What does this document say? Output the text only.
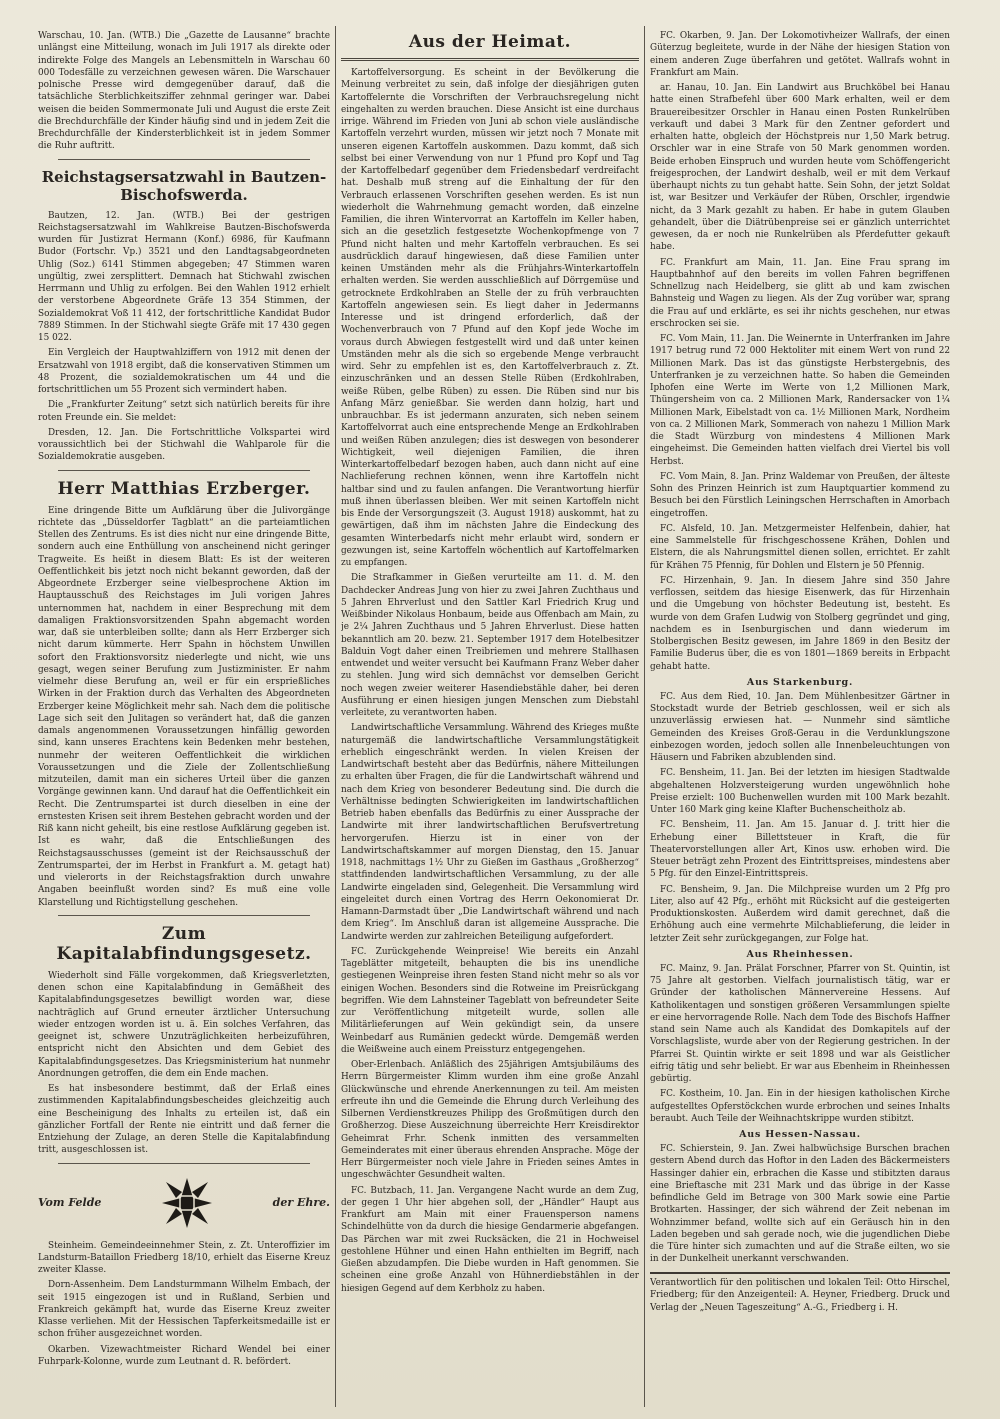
Warschau, 10. Jan. (WTB.) Die „Gazette de Lausanne“ brachte unlängst eine Mitteilung, wonach im Juli 1917 als direkte oder indirekte Folge des Mangels an Lebensmitteln in Warschau 60 000 Todesfälle zu verzeichnen gewesen wären. Die Warschauer polnische Presse wird demgegenüber darauf, daß die tatsächliche Sterblichkeitsziffer zehnmal geringer war. Dabei weisen die beiden Sommermonate Juli und August die erste Zeit die Brechdurchfälle der Kinder häufig sind und in jedem Zeit die Brechdurchfälle der Kindersterblichkeit ist in jedem Sommer die Ruhr auftritt.

Reichstagsersatzwahl in Bautzen-Bischofswerda.

Bautzen, 12. Jan. (WTB.) Bei der gestrigen Reichstagsersatzwahl im Wahlkreise Bautzen-Bischofswerda wurden für Justizrat Hermann (Konf.) 6986, für Kaufmann Budor (Fortschr. Vp.) 3521 und den Landtagsabgeordneten Uhlig (Soz.) 6141 Stimmen abgegeben; 47 Stimmen waren ungültig, zwei zersplittert. Demnach hat Stichwahl zwischen Herrmann und Uhlig zu erfolgen. Bei den Wahlen 1912 erhielt der verstorbene Abgeordnete Gräfe 13 354 Stimmen, der Sozialdemokrat Voß 11 412, der fortschrittliche Kandidat Budor 7889 Stimmen. In der Stichwahl siegte Gräfe mit 17 430 gegen 15 022.

Ein Vergleich der Hauptwahlziffern von 1912 mit denen der Ersatzwahl von 1918 ergibt, daß die konservativen Stimmen um 48 Prozent, die sozialdemokratischen um 44 und die fortschrittlichen um 55 Prozent sich vermindert haben.

Die „Frankfurter Zeitung“ setzt sich natürlich bereits für ihre roten Freunde ein. Sie meldet:

Dresden, 12. Jan. Die Fortschrittliche Volkspartei wird voraussichtlich bei der Stichwahl die Wahlparole für die Sozialdemokratie ausgeben.

Herr Matthias Erzberger.

Eine dringende Bitte um Aufklärung über die Julivorgänge richtete das „Düsseldorfer Tagblatt“ an die parteiamtlichen Stellen des Zentrums. Es ist dies nicht nur eine dringende Bitte, sondern auch eine Enthüllung von anscheinend nicht geringer Tragweite. Es heißt in diesem Blatt: Es ist der weiteren Oeffentlichkeit bis jetzt noch nicht bekannt geworden, daß der Abgeordnete Erzberger seine vielbesprochene Aktion im Hauptausschuß des Reichstages im Juli vorigen Jahres unternommen hat, nachdem in einer Besprechung mit dem damaligen Fraktionsvorsitzenden Spahn abgemacht worden war, daß sie unterbleiben sollte; dann als Herr Erzberger sich nicht darum kümmerte. Herr Spahn in höchstem Unwillen sofort den Fraktionsvorsitz niederlegte und nicht, wie uns gesagt, wegen seiner Berufung zum Justizminister. Er nahm vielmehr diese Berufung an, weil er für ein ersprießliches Wirken in der Fraktion durch das Verhalten des Abgeordneten Erzberger keine Möglichkeit mehr sah. Nach dem die politische Lage sich seit den Julitagen so verändert hat, daß die ganzen damals angenommenen Voraussetzungen hinfällig geworden sind, kann unseres Erachtens kein Bedenken mehr bestehen, nunmehr der weiteren Oeffentlichkeit die wirklichen Voraussetzungen und die Ziele der Zollentschließung mitzuteilen, damit man ein sicheres Urteil über die ganzen Vorgänge gewinnen kann. Und darauf hat die Oeffentlichkeit ein Recht. Die Zentrumspartei ist durch dieselben in eine der ernstesten Krisen seit ihrem Bestehen gebracht worden und der Riß kann nicht geheilt, bis eine restlose Aufklärung gegeben ist. Ist es wahr, daß die Entschließungen des Reichstagsausschusses (gemeint ist der Reichsausschuß der Zentrumspartei, der im Herbst in Frankfurt a. M. getagt hat) und vielerorts in der Reichstagsfraktion durch unwahre Angaben beeinflußt worden sind? Es muß eine volle Klarstellung und Richtigstellung geschehen.

Zum Kapitalabfindungsgesetz.

Wiederholt sind Fälle vorgekommen, daß Kriegsverletzten, denen schon eine Kapitalabfindung in Gemäßheit des Kapitalabfindungsgesetzes bewilligt worden war, diese nachträglich auf Grund erneuter ärztlicher Untersuchung wieder entzogen worden ist u. ä. Ein solches Verfahren, das geeignet ist, schwere Unzuträglichkeiten herbeizuführen, entspricht nicht den Absichten und dem Gebiet des Kapitalabfindungsgesetzes. Das Kriegsministerium hat nunmehr Anordnungen getroffen, die dem ein Ende machen.

Es hat insbesondere bestimmt, daß der Erlaß eines zustimmenden Kapitalabfindungsbescheides gleichzeitig auch eine Bescheinigung des Inhalts zu erteilen ist, daß ein gänzlicher Fortfall der Rente nie eintritt und daß ferner die Entziehung der Zulage, an deren Stelle die Kapitalabfindung tritt, ausgeschlossen ist.

Vom Felde	der Ehre.

Steinheim. Gemeindeeinnehmer Stein, z. Zt. Unteroffizier im Landsturm-Bataillon Friedberg 18/10, erhielt das Eiserne Kreuz zweiter Klasse.

Dorn-Assenheim. Dem Landsturmmann Wilhelm Embach, der seit 1915 eingezogen ist und in Rußland, Serbien und Frankreich gekämpft hat, wurde das Eiserne Kreuz zweiter Klasse verliehen. Mit der Hessischen Tapferkeitsmedaille ist er schon früher ausgezeichnet worden.

Okarben. Vizewachtmeister Richard Wendel bei einer Fuhrpark-Kolonne, wurde zum Leutnant d. R. befördert.

Aus der Heimat.

Kartoffelversorgung. Es scheint in der Bevölkerung die Meinung verbreitet zu sein, daß infolge der diesjährigen guten Kartoffelernte die Vorschriften der Verbrauchsregelung nicht eingehalten zu werden brauchen. Diese Ansicht ist eine durchaus irrige. Während im Frieden von Juni ab schon viele ausländische Kartoffeln verzehrt wurden, müssen wir jetzt noch 7 Monate mit unseren eigenen Kartoffeln auskommen. Dazu kommt, daß sich selbst bei einer Verwendung von nur 1 Pfund pro Kopf und Tag der Kartoffelbedarf gegenüber dem Friedensbedarf verdreifacht hat. Deshalb muß streng auf die Einhaltung der für den Verbrauch erlassenen Vorschriften gesehen werden. Es ist nun wiederholt die Wahrnehmung gemacht worden, daß einzelne Familien, die ihren Wintervorrat an Kartoffeln im Keller haben, sich an die gesetzlich festgesetzte Wochenkopfmenge von 7 Pfund nicht halten und mehr Kartoffeln verbrauchen. Es sei ausdrücklich darauf hingewiesen, daß diese Familien unter keinen Umständen mehr als die Frühjahrs-Winterkartoffeln erhalten werden. Sie werden ausschließlich auf Dörrgemüse und getrocknete Erdkohlraben an Stelle der zu früh verbrauchten Kartoffeln angewiesen sein. Es liegt daher in Jedermanns Interesse und ist dringend erforderlich, daß der Wochenverbrauch von 7 Pfund auf den Kopf jede Woche im voraus durch Abwiegen festgestellt wird und daß unter keinen Umständen mehr als die sich so ergebende Menge verbraucht wird. Sehr zu empfehlen ist es, den Kartoffelverbrauch z. Zt. einzuschränken und an dessen Stelle Rüben (Erdkohlraben, weiße Rüben, gelbe Rüben) zu essen. Die Rüben sind nur bis Anfang März genießbar. Sie werden dann holzig, hart und unbrauchbar. Es ist jedermann anzuraten, sich neben seinem Kartoffelvorrat auch eine entsprechende Menge an Erdkohlraben und weißen Rüben anzulegen; dies ist deswegen von besonderer Wichtigkeit, weil diejenigen Familien, die ihren Winterkartoffelbedarf bezogen haben, auch dann nicht auf eine Nachlieferung rechnen können, wenn ihre Kartoffeln nicht haltbar sind und zu faulen anfangen. Die Verantwortung hierfür muß ihnen überlassen bleiben. Wer mit seinen Kartoffeln nicht bis Ende der Versorgungszeit (3. August 1918) auskommt, hat zu gewärtigen, daß ihm im nächsten Jahre die Eindeckung des gesamten Winterbedarfs nicht mehr erlaubt wird, sondern er gezwungen ist, seine Kartoffeln wöchentlich auf Kartoffelmarken zu empfangen.

Die Strafkammer in Gießen verurteilte am 11. d. M. den Dachdecker Andreas Jung von hier zu zwei Jahren Zuchthaus und 5 Jahren Ehrverlust und den Sattler Karl Friedrich Krug und Weißbinder Nikolaus Honbaum, beide aus Offenbach am Main, zu je 2¼ Jahren Zuchthaus und 5 Jahren Ehrverlust. Diese hatten bekanntlich am 20. bezw. 21. September 1917 dem Hotelbesitzer Balduin Vogt daher einen Treibriemen und mehrere Stallhasen entwendet und weiter versucht bei Kaufmann Franz Weber daher zu stehlen. Jung wird sich demnächst vor demselben Gericht noch wegen zweier weiterer Hasendiebstähle daher, bei deren Ausführung er einen hiesigen jungen Menschen zum Diebstahl verleitete, zu verantworten haben.

Landwirtschaftliche Versammlung. Während des Krieges mußte naturgemäß die landwirtschaftliche Versammlungstätigkeit erheblich eingeschränkt werden. In vielen Kreisen der Landwirtschaft besteht aber das Bedürfnis, nähere Mitteilungen zu erhalten über Fragen, die für die Landwirtschaft während und nach dem Krieg von besonderer Bedeutung sind. Die durch die Verhältnisse bedingten Schwierigkeiten im landwirtschaftlichen Betrieb haben ebenfalls das Bedürfnis zu einer Aussprache der Landwirte mit ihrer landwirtschaftlichen Berufsvertretung hervorgerufen. Hierzu ist in einer von der Landwirtschaftskammer auf morgen Dienstag, den 15. Januar 1918, nachmittags 1½ Uhr zu Gießen im Gasthaus „Großherzog“ stattfindenden landwirtschaftlichen Versammlung, zu der alle Landwirte eingeladen sind, Gelegenheit. Die Versammlung wird eingeleitet durch einen Vortrag des Herrn Oekonomierat Dr. Hamann-Darmstadt über „Die Landwirtschaft während und nach dem Krieg“. Im Anschluß daran ist allgemeine Aussprache. Die Landwirte werden zur zahlreichen Beteiligung aufgefordert.

FC. Zurückgehende Weinpreise! Wie bereits ein Anzahl Tageblätter mitgeteilt, behaupten die bis ins unendliche gestiegenen Weinpreise ihren festen Stand nicht mehr so als vor einigen Wochen. Besonders sind die Rotweine im Preisrückgang begriffen. Wie dem Lahnsteiner Tageblatt von befreundeter Seite zur Veröffentlichung mitgeteilt wurde, sollen alle Militärlieferungen auf Wein gekündigt sein, da unsere Weinbedarf aus Rumänien gedeckt würde. Demgemäß werden die Weißweine auch einem Preissturz entgegengehen.

Ober-Erlenbach. Anläßlich des 25jährigen Amtsjubiläums des Herrn Bürgermeister Klimm wurden ihm eine große Anzahl Glückwünsche und ehrende Anerkennungen zu teil. Am meisten erfreute ihn und die Gemeinde die Ehrung durch Verleihung des Silbernen Verdienstkreuzes Philipp des Großmütigen durch den Großherzog. Diese Auszeichnung überreichte Herr Kreisdirektor Geheimrat Frhr. Schenk inmitten des versammelten Gemeinderates mit einer überaus ehrenden Ansprache. Möge der Herr Bürgermeister noch viele Jahre in Frieden seines Amtes in ungeschwächter Gesundheit walten.

FC. Butzbach, 11. Jan. Vergangene Nacht wurde an dem Zug, der gegen 1 Uhr hier abgehen soll, der „Händler“ Haupt aus Frankfurt am Main mit einer Frauensperson namens Schindelhütte von da durch die hiesige Gendarmerie abgefangen. Das Pärchen war mit zwei Rucksäcken, die 21 in Hochweisel gestohlene Hühner und einen Hahn enthielten im Begriff, nach Gießen abzudampfen. Die Diebe wurden in Haft genommen. Sie scheinen eine große Anzahl von Hühnerdiebstählen in der hiesigen Gegend auf dem Kerbholz zu haben.

FC. Okarben, 9. Jan. Der Lokomotivheizer Wallrafs, der einen Güterzug begleitete, wurde in der Nähe der hiesigen Station von einem anderen Zuge überfahren und getötet. Wallrafs wohnt in Frankfurt am Main.

ar. Hanau, 10. Jan. Ein Landwirt aus Bruchköbel bei Hanau hatte einen Strafbefehl über 600 Mark erhalten, weil er dem Brauereibesitzer Orschler in Hanau einen Posten Runkelrüben verkauft und dabei 3 Mark für den Zentner gefordert und erhalten hatte, obgleich der Höchstpreis nur 1,50 Mark betrug. Orschler war in eine Strafe von 50 Mark genommen worden. Beide erhoben Einspruch und wurden heute vom Schöffengericht freigesprochen, der Landwirt deshalb, weil er mit dem Verkauf überhaupt nichts zu tun gehabt hatte. Sein Sohn, der jetzt Soldat ist, war Besitzer und Verkäufer der Rüben, Orschler, irgendwie nicht, da 3 Mark gezahlt zu haben. Er habe in gutem Glauben gehandelt, über die Diätrübenpreise sei er gänzlich unterrichtet gewesen, da er noch nie Runkelrüben als Pferdefutter gekauft habe.

FC. Frankfurt am Main, 11. Jan. Eine Frau sprang im Hauptbahnhof auf den bereits im vollen Fahren begriffenen Schnellzug nach Heidelberg, sie glitt ab und kam zwischen Bahnsteig und Wagen zu liegen. Als der Zug vorüber war, sprang die Frau auf und erklärte, es sei ihr nichts geschehen, nur etwas erschrocken sei sie.

FC. Vom Main, 11. Jan. Die Weinernte in Unterfranken im Jahre 1917 betrug rund 72 000 Hektoliter mit einem Wert von rund 22 Millionen Mark. Das ist das günstigste Herbstergebnis, des Unterfranken je zu verzeichnen hatte. So haben die Gemeinden Iphofen eine Werte im Werte von 1,2 Millionen Mark, Thüngersheim von ca. 2 Millionen Mark, Randersacker von 1¼ Millionen Mark, Eibelstadt von ca. 1½ Millionen Mark, Nordheim von ca. 2 Millionen Mark, Sommerach von nahezu 1 Million Mark die Stadt Würzburg von mindestens 4 Millionen Mark eingeheimst. Die Gemeinden hatten vielfach drei Viertel bis voll Herbst.

FC. Vom Main, 8. Jan. Prinz Waldemar von Preußen, der älteste Sohn des Prinzen Heinrich ist zum Hauptquartier kommend zu Besuch bei den Fürstlich Leiningschen Herrschaften in Amorbach eingetroffen.

FC. Alsfeld, 10. Jan. Metzgermeister Helfenbein, dahier, hat eine Sammelstelle für frischgeschossene Krähen, Dohlen und Elstern, die als Nahrungsmittel dienen sollen, errichtet. Er zahlt für Krähen 75 Pfennig, für Dohlen und Elstern je 50 Pfennig.

FC. Hirzenhain, 9. Jan. In diesem Jahre sind 350 Jahre verflossen, seitdem das hiesige Eisenwerk, das für Hirzenhain und die Umgebung von höchster Bedeutung ist, besteht. Es wurde von dem Grafen Ludwig von Stolberg gegründet und ging, nachdem es in Isenburgischen und dann wiederum im Stolbergischen Besitz gewesen, im Jahre 1869 in den Besitz der Familie Buderus über, die es von 1801—1869 bereits in Erbpacht gehabt hatte.

Aus Starkenburg.

FC. Aus dem Ried, 10. Jan. Dem Mühlenbesitzer Gärtner in Stockstadt wurde der Betrieb geschlossen, weil er sich als unzuverlässig erwiesen hat. — Nunmehr sind sämtliche Gemeinden des Kreises Groß-Gerau in die Verdunklungszone einbezogen worden, jedoch sollen alle Innenbeleuchtungen von Häusern und Fabriken abzublenden sind.

FC. Bensheim, 11. Jan. Bei der letzten im hiesigen Stadtwalde abgehaltenen Holzversteigerung wurden ungewöhnlich hohe Preise erzielt: 100 Buchenwellen wurden mit 100 Mark bezahlt. Unter 160 Mark ging keine Klafter Buchenscheitholz ab.

FC. Bensheim, 11. Jan. Am 15. Januar d. J. tritt hier die Erhebung einer Billettsteuer in Kraft, die für Theatervorstellungen aller Art, Kinos usw. erhoben wird. Die Steuer beträgt zehn Prozent des Eintrittspreises, mindestens aber 5 Pfg. für den Einzel-Eintrittspreis.

FC. Bensheim, 9. Jan. Die Milchpreise wurden um 2 Pfg pro Liter, also auf 42 Pfg., erhöht mit Rücksicht auf die gesteigerten Produktionskosten. Außerdem wird damit gerechnet, daß die Erhöhung auch eine vermehrte Milchablieferung, die leider in letzter Zeit sehr zurückgegangen, zur Folge hat.

Aus Rheinhessen.

FC. Mainz, 9. Jan. Prälat Forschner, Pfarrer von St. Quintin, ist 75 Jahre alt gestorben. Vielfach journalistisch tätig, war er Gründer der katholischen Männervereine Hessens. Auf Katholikentagen und sonstigen größeren Versammlungen spielte er eine hervorragende Rolle. Nach dem Tode des Bischofs Haffner stand sein Name auch als Kandidat des Domkapitels auf der Vorschlagsliste, wurde aber von der Regierung gestrichen. In der Pfarrei St. Quintin wirkte er seit 1898 und war als Geistlicher eifrig tätig und sehr beliebt. Er war aus Ebenheim in Rheinhessen gebürtig.

FC. Kostheim, 10. Jan. Ein in der hiesigen katholischen Kirche aufgestelltes Opferstöckchen wurde erbrochen und seines Inhalts beraubt. Auch Teile der Weihnachtskrippe wurden stibitzt.

Aus Hessen-Nassau.

FC. Schierstein, 9. Jan. Zwei halbwüchsige Burschen brachen gestern Abend durch das Hoftor in den Laden des Bäckermeisters Hassinger dahier ein, erbrachen die Kasse und stibitzten daraus eine Brieftasche mit 231 Mark und das übrige in der Kasse befindliche Geld im Betrage von 300 Mark sowie eine Partie Brotkarten. Hassinger, der sich während der Zeit nebenan im Wohnzimmer befand, wollte sich auf ein Geräusch hin in den Laden begeben und sah gerade noch, wie die jugendlichen Diebe die Türe hinter sich zumachten und auf die Straße eilten, wo sie in der Dunkelheit unerkannt verschwanden.

Verantwortlich für den politischen und lokalen Teil: Otto Hirschel, Friedberg; für den Anzeigenteil: A. Heyner, Friedberg. Druck und Verlag der „Neuen Tageszeitung“ A.-G., Friedberg i. H.
